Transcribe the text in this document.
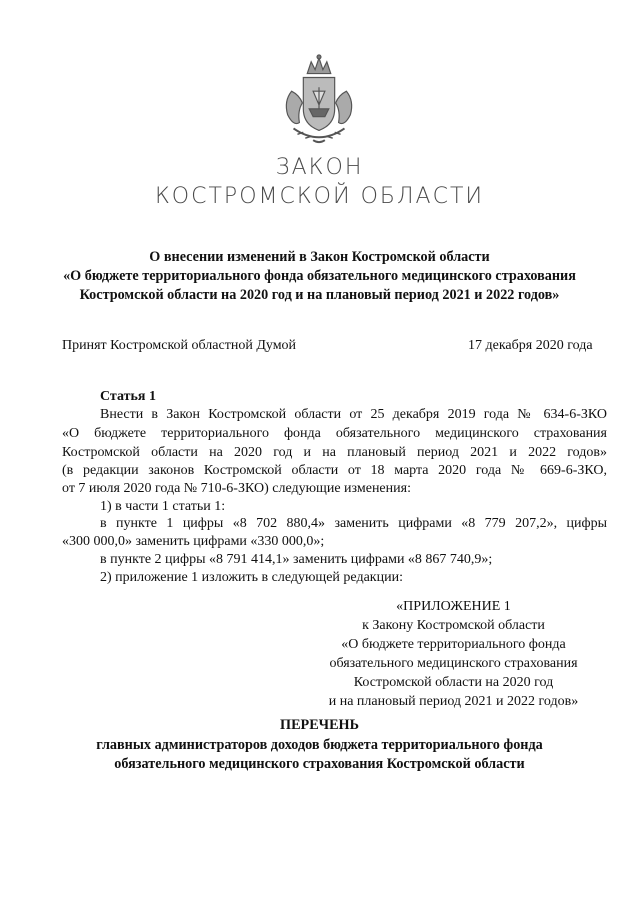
ЗАКОН
КОСТРОМСКОЙ ОБЛАСТИ
О внесении изменений в Закон Костромской области
«О бюджете территориального фонда обязательного медицинского страхования
Костромской области на 2020 год и на плановый период 2021 и 2022 годов»
Принят Костромской областной Думой	17 декабря 2020 года
Статья 1
Внести в Закон Костромской области от 25 декабря 2019 года № 634-6-ЗКО
«О бюджете территориального фонда обязательного медицинского страхования
Костромской области на 2020 год и на плановый период 2021 и 2022 годов»
(в редакции законов Костромской области от 18 марта 2020 года № 669-6-ЗКО,
от 7 июля 2020 года № 710-6-ЗКО) следующие изменения:
1) в части 1 статьи 1:
в пункте 1 цифры «8 702 880,4» заменить цифрами «8 779 207,2», цифры
«300 000,0» заменить цифрами «330 000,0»;
в пункте 2 цифры «8 791 414,1» заменить цифрами «8 867 740,9»;
2) приложение 1 изложить в следующей редакции:
«ПРИЛОЖЕНИЕ 1
к Закону Костромской области
«О бюджете территориального фонда
обязательного медицинского страхования
Костромской области на 2020 год
и на плановый период 2021 и 2022 годов»
ПЕРЕЧЕНЬ
главных администраторов доходов бюджета территориального фонда
обязательного медицинского страхования Костромской области
